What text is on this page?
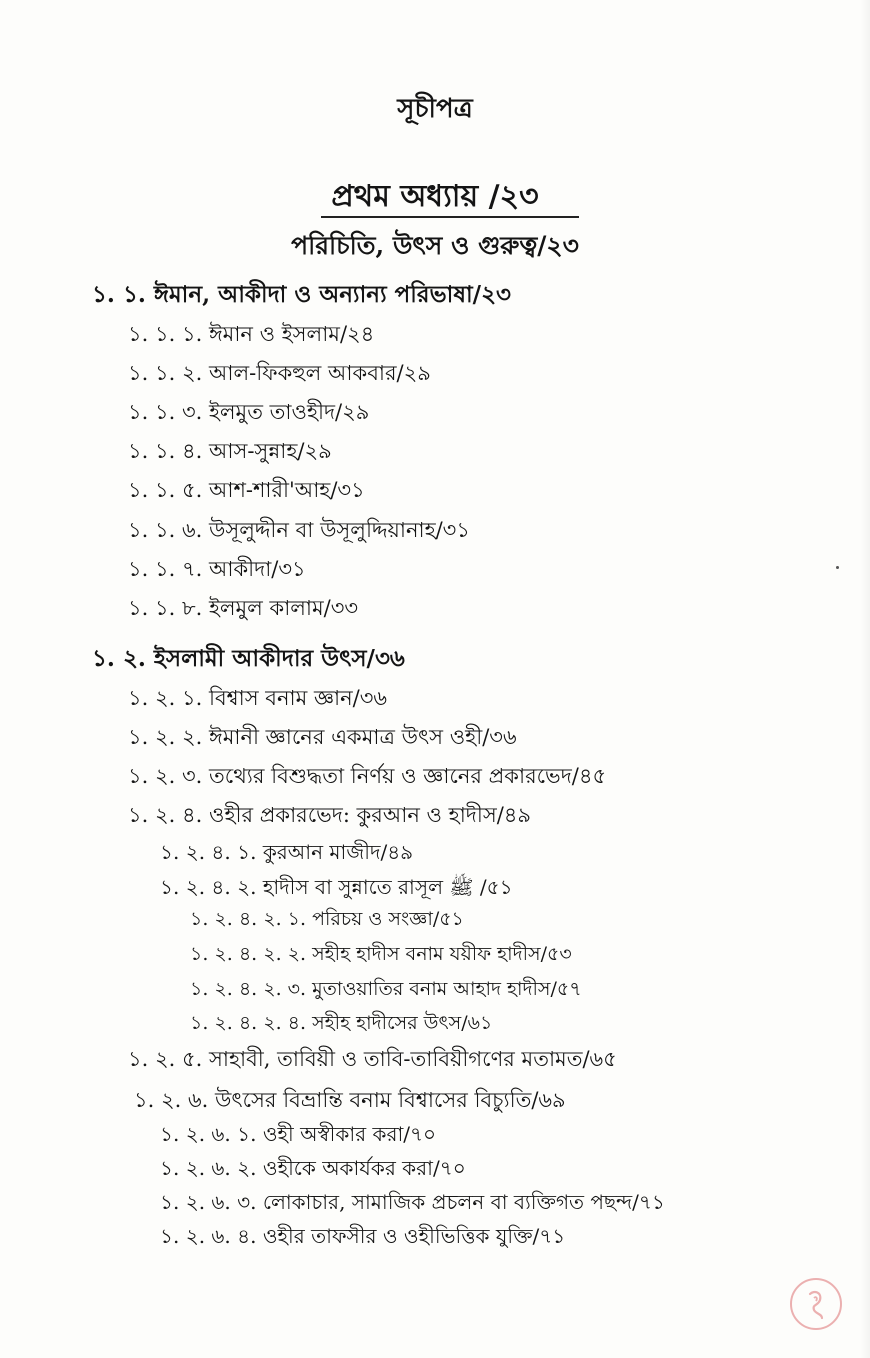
সূচীপত্র
প্রথম অধ্যায় /২৩
পরিচিতি, উৎস ও গুরুত্ব/২৩
১. ১. ঈমান, আকীদা ও অন্যান্য পরিভাষা/২৩
১. ১. ১. ঈমান ও ইসলাম/২৪
১. ১. ২. আল-ফিকহুল আকবার/২৯
১. ১. ৩. ইলমুত তাওহীদ/২৯
১. ১. ৪. আস-সুন্নাহ/২৯
১. ১. ৫. আশ-শারী'আহ/৩১
১. ১. ৬. উসূলুদ্দীন বা উসূলুদ্দিয়ানাহ/৩১
১. ১. ৭. আকীদা/৩১
১. ১. ৮. ইলমুল কালাম/৩৩
১. ২. ইসলামী আকীদার উৎস/৩৬
১. ২. ১. বিশ্বাস বনাম জ্ঞান/৩৬
১. ২. ২. ঈমানী জ্ঞানের একমাত্র উৎস ওহী/৩৬
১. ২. ৩. তথ্যের বিশুদ্ধতা নির্ণয় ও জ্ঞানের প্রকারভেদ/৪৫
১. ২. ৪. ওহীর প্রকারভেদ: কুরআন ও হাদীস/৪৯
১. ২. ৪. ১. কুরআন মাজীদ/৪৯
১. ২. ৪. ২. হাদীস বা সুন্নাতে রাসূল ﷺ /৫১
১. ২. ৪. ২. ১. পরিচয় ও সংজ্ঞা/৫১
১. ২. ৪. ২. ২. সহীহ হাদীস বনাম যয়ীফ হাদীস/৫৩
১. ২. ৪. ২. ৩. মুতাওয়াতির বনাম আহাদ হাদীস/৫৭
১. ২. ৪. ২. ৪. সহীহ হাদীসের উৎস/৬১
১. ২. ৫. সাহাবী, তাবিয়ী ও তাবি-তাবিয়ীগণের মতামত/৬৫
১. ২. ৬. উৎসের বিভ্রান্তি বনাম বিশ্বাসের বিচ্যুতি/৬৯
১. ২. ৬. ১. ওহী অস্বীকার করা/৭০
১. ২. ৬. ২. ওহীকে অকার্যকর করা/৭০
১. ২. ৬. ৩. লোকাচার, সামাজিক প্রচলন বা ব্যক্তিগত পছন্দ/৭১
১. ২. ৬. ৪. ওহীর তাফসীর ও ওহীভিত্তিক যুক্তি/৭১
